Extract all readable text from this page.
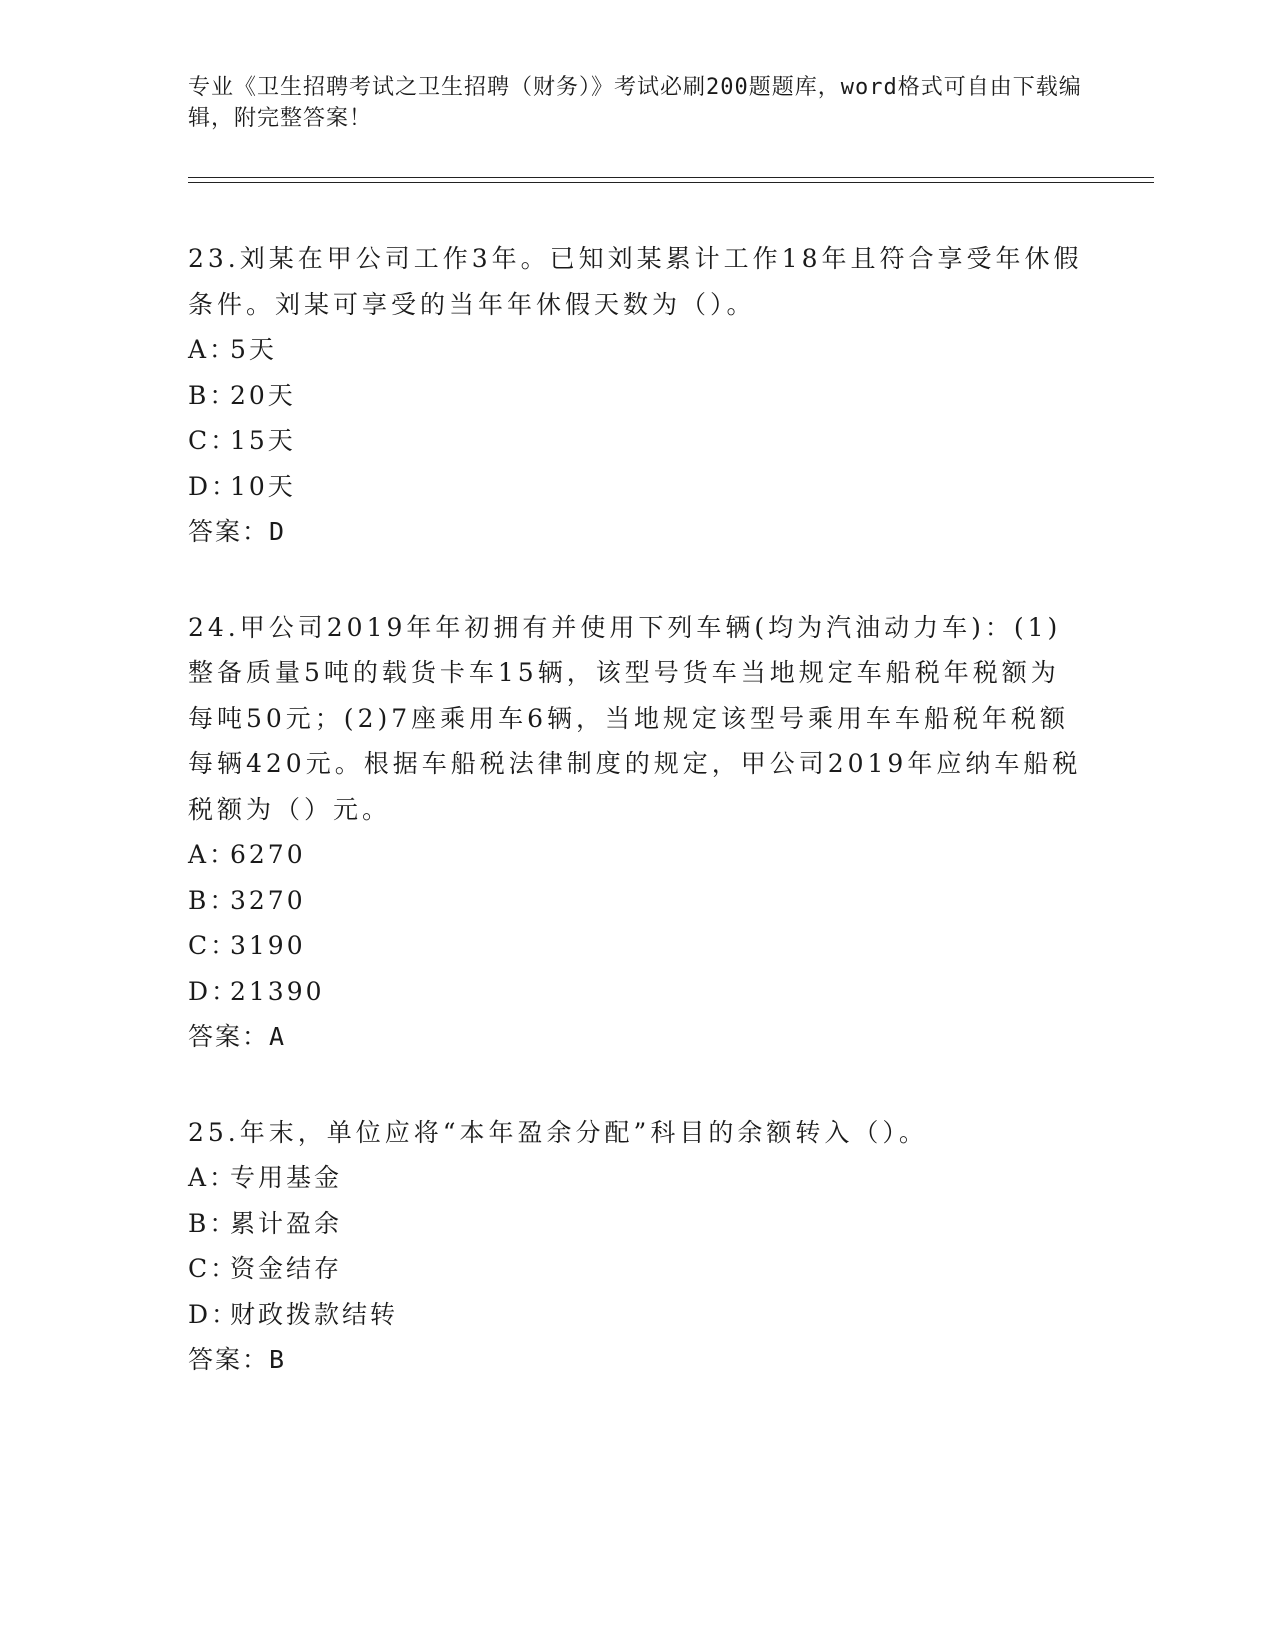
专业《卫生招聘考试之卫生招聘（财务）》考试必刷200题题库，word格式可自由下载编辑，附完整答案！

23.刘某在甲公司工作3年。已知刘某累计工作18年且符合享受年休假条件。刘某可享受的当年年休假天数为（）。

A：
5天
B：
20天
C：
15天
D：
10天

答案：D

24.甲公司2019年年初拥有并使用下列车辆(均为汽油动力车)：(1)整备质量5吨的载货卡车15辆，该型号货车当地规定车船税年税额为每吨50元；(2)7座乘用车6辆，当地规定该型号乘用车车船税年税额每辆420元。根据车船税法律制度的规定，甲公司2019年应纳车船税税额为（）元。

A：
6270
B：
3270
C：
3190
D：
21390

答案：A

25.年末，单位应将“本年盈余分配”科目的余额转入（）。

A：
专用基金
B：
累计盈余
C：
资金结存
D：
财政拨款结转

答案：B
